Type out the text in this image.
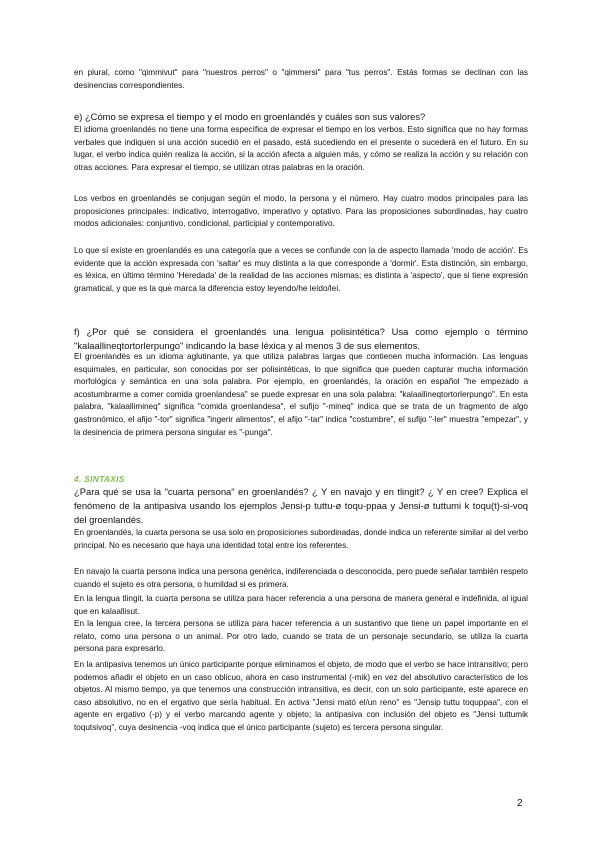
en plural, como "qimmivut" para "nuestros perros" o "qimmersi" para "tus perros". Estás formas se declinan con las desinencias correspondientes.

e) ¿Cómo se expresa el tiempo y el modo en groenlandés y cuáles son sus valores?

El idioma groenlandés no tiene una forma específica de expresar el tiempo en los verbos. Esto significa que no hay formas verbales que indiquen si una acción sucedió en el pasado, está sucediendo en el presente o sucederá en el futuro. En su lugar, el verbo indica quién realiza la acción, si la acción afecta a alguien más, y cómo se realiza la acción y su relación con otras acciones. Para expresar el tiempo, se utilizan otras palabras en la oración.

Los verbos en groenlandés se conjugan según el modo, la persona y el número. Hay cuatro modos principales para las proposiciones principales: indicativo, interrogativo, imperativo y optativo. Para las proposiciones subordinadas, hay cuatro modos adicionales: conjuntivo, condicional, participial y contemporativo.

Lo que sí existe en groenlandés es una categoría que a veces se confunde con la de aspecto llamada 'modo de acción'. Es evidente que la acción expresada con 'saltar' es muy distinta a la que corresponde a 'dormir'. Esta distinción, sin embargo, es léxica, en último término 'Heredada' de la realidad de las acciones mismas; es distinta a 'aspecto', que si tiene expresión gramatical, y que es la que marca la diferencia estoy leyendo/he leído/leí.

f) ¿Por qué se considera el groenlandés una lengua polisintética? Usa como ejemplo o término "kalaallineqtortorlerpungo" indicando la base léxica y al menos 3 de sus elementos.

El groenlandés es un idioma aglutinante, ya que utiliza palabras largas que contienen mucha información. Las lenguas esquimales, en particular, son conocidas por ser polisintéticas, lo que significa que pueden capturar mucha información morfológica y semántica en una sola palabra. Por ejemplo, en groenlandés, la oración en español "he empezado a acostumbrarme a comer comida groenlandesa" se puede expresar en una sola palabra: "kalaallineqtortorlerpungo". En esta palabra, "kalaallimineq" significa "comida groenlandesa", el sufijo "-mineq" indica que se trata de un fragmento de algo gastronómico, el afijo "-tor" significa "ingerir alimentos", el afijo "-tar" indica "costumbre", el sufijo "-ler" muestra "empezar", y la desinencia de primera persona singular es "-punga".

4. SINTAXIS

¿Para qué se usa la "cuarta persona" en groenlandés? ¿ Y en navajo y en tlingit? ¿ Y en cree? Explica el fenómeno de la antipasiva usando los ejemplos Jensi-p tuttu-ø toqu-ppaa y Jensi-ø tuttumi k toqu(t)-si-voq del groenlandés.

En groenlandés, la cuarta persona se usa solo en proposiciones subordinadas, donde indica un referente similar al del verbo principal. No es necesario que haya una identidad total entre los referentes.

En navajo la cuarta persona indica una persona genérica, indiferenciada o desconocida, pero puede señalar también respeto cuando el sujeto es otra persona, o humildad si es primera.

En la lengua tlingit, la cuarta persona se utiliza para hacer referencia a una persona de manera general e indefinida, al igual que en kalaallisut.

En la lengua cree, la tercera persona se utiliza para hacer referencia a un sustantivo que tiene un papel importante en el relato, como una persona o un animal. Por otro lado, cuando se trata de un personaje secundario, se utiliza la cuarta persona para expresarlo.

En la antipasiva tenemos un único participante porque eliminamos el objeto, de modo que el verbo se hace intransitivo; pero podemos añadir el objeto en un caso oblicuo, ahora en caso instrumental (-mik) en vez del absolutivo característico de los objetos. Al mismo tiempo, ya que tenemos una construcción intransitiva, es decir, con un solo participante, este aparece en caso absolutivo, no en el ergativo que sería habitual. En activa "Jensi mató el/un reno" es "Jensip tuttu toquppaa", con el agente en ergativo (-p) y el verbo marcando agente y objeto; la antipasiva con inclusión del objeto es "Jensi tuttumik toqutsivoq", cuya desinencia -voq indica que el único participante (sujeto) es tercera persona singular.

2
